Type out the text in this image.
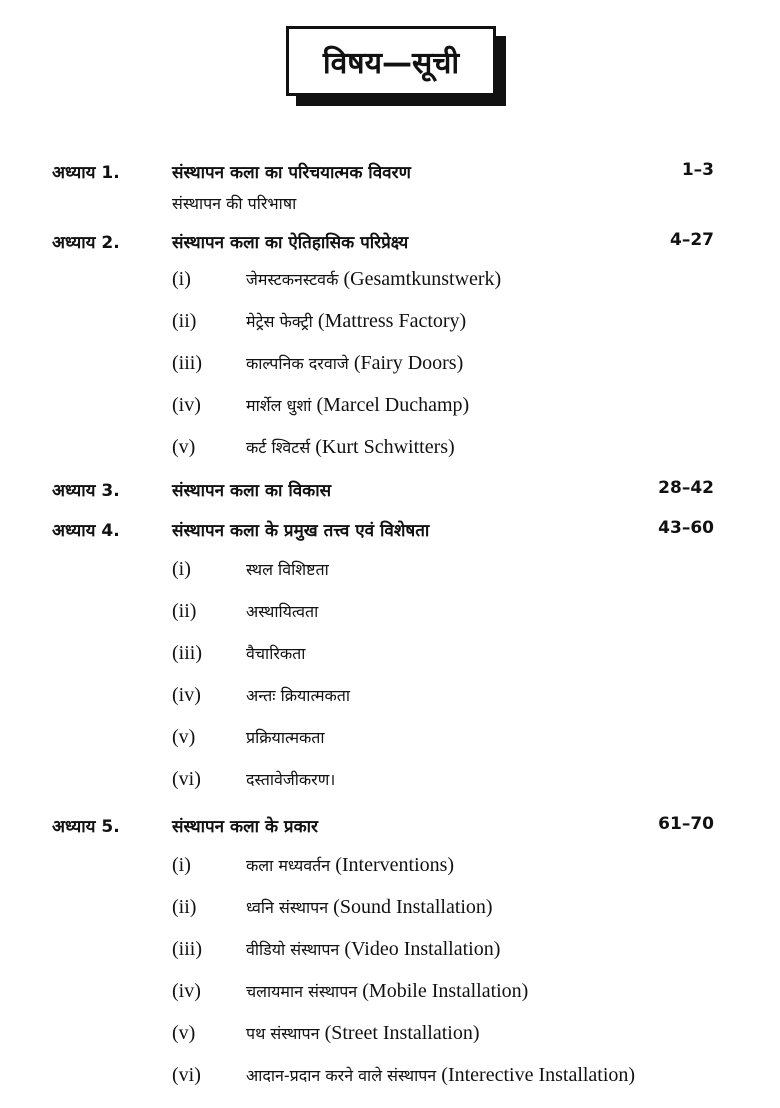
विषय—सूची
अध्याय 1.	संस्थापन कला का परिचयात्मक विवरण	1–3
संस्थापन की परिभाषा
अध्याय 2.	संस्थापन कला का ऐतिहासिक परिप्रेक्ष्य	4–27
(i)	जेमस्टकनस्टवर्क (Gesamtkunstwerk)
(ii)	मेट्रेस फेक्ट्री (Mattress Factory)
(iii)	काल्पनिक दरवाजे (Fairy Doors)
(iv)	मार्शेल धुशां (Marcel Duchamp)
(v)	कर्ट श्विटर्स (Kurt Schwitters)
अध्याय 3.	संस्थापन कला का विकास	28–42
अध्याय 4.	संस्थापन कला के प्रमुख तत्त्व एवं विशेषता	43–60
(i)	स्थल विशिष्टता
(ii)	अस्थायित्वता
(iii)	वैचारिकता
(iv)	अन्तः क्रियात्मकता
(v)	प्रक्रियात्मकता
(vi)	दस्तावेजीकरण।
अध्याय 5.	संस्थापन कला के प्रकार	61–70
(i)	कला मध्यवर्तन (Interventions)
(ii)	ध्वनि संस्थापन (Sound Installation)
(iii)	वीडियो संस्थापन (Video Installation)
(iv)	चलायमान संस्थापन (Mobile Installation)
(v)	पथ संस्थापन (Street Installation)
(vi)	आदान-प्रदान करने वाले संस्थापन (Interective Installation)
